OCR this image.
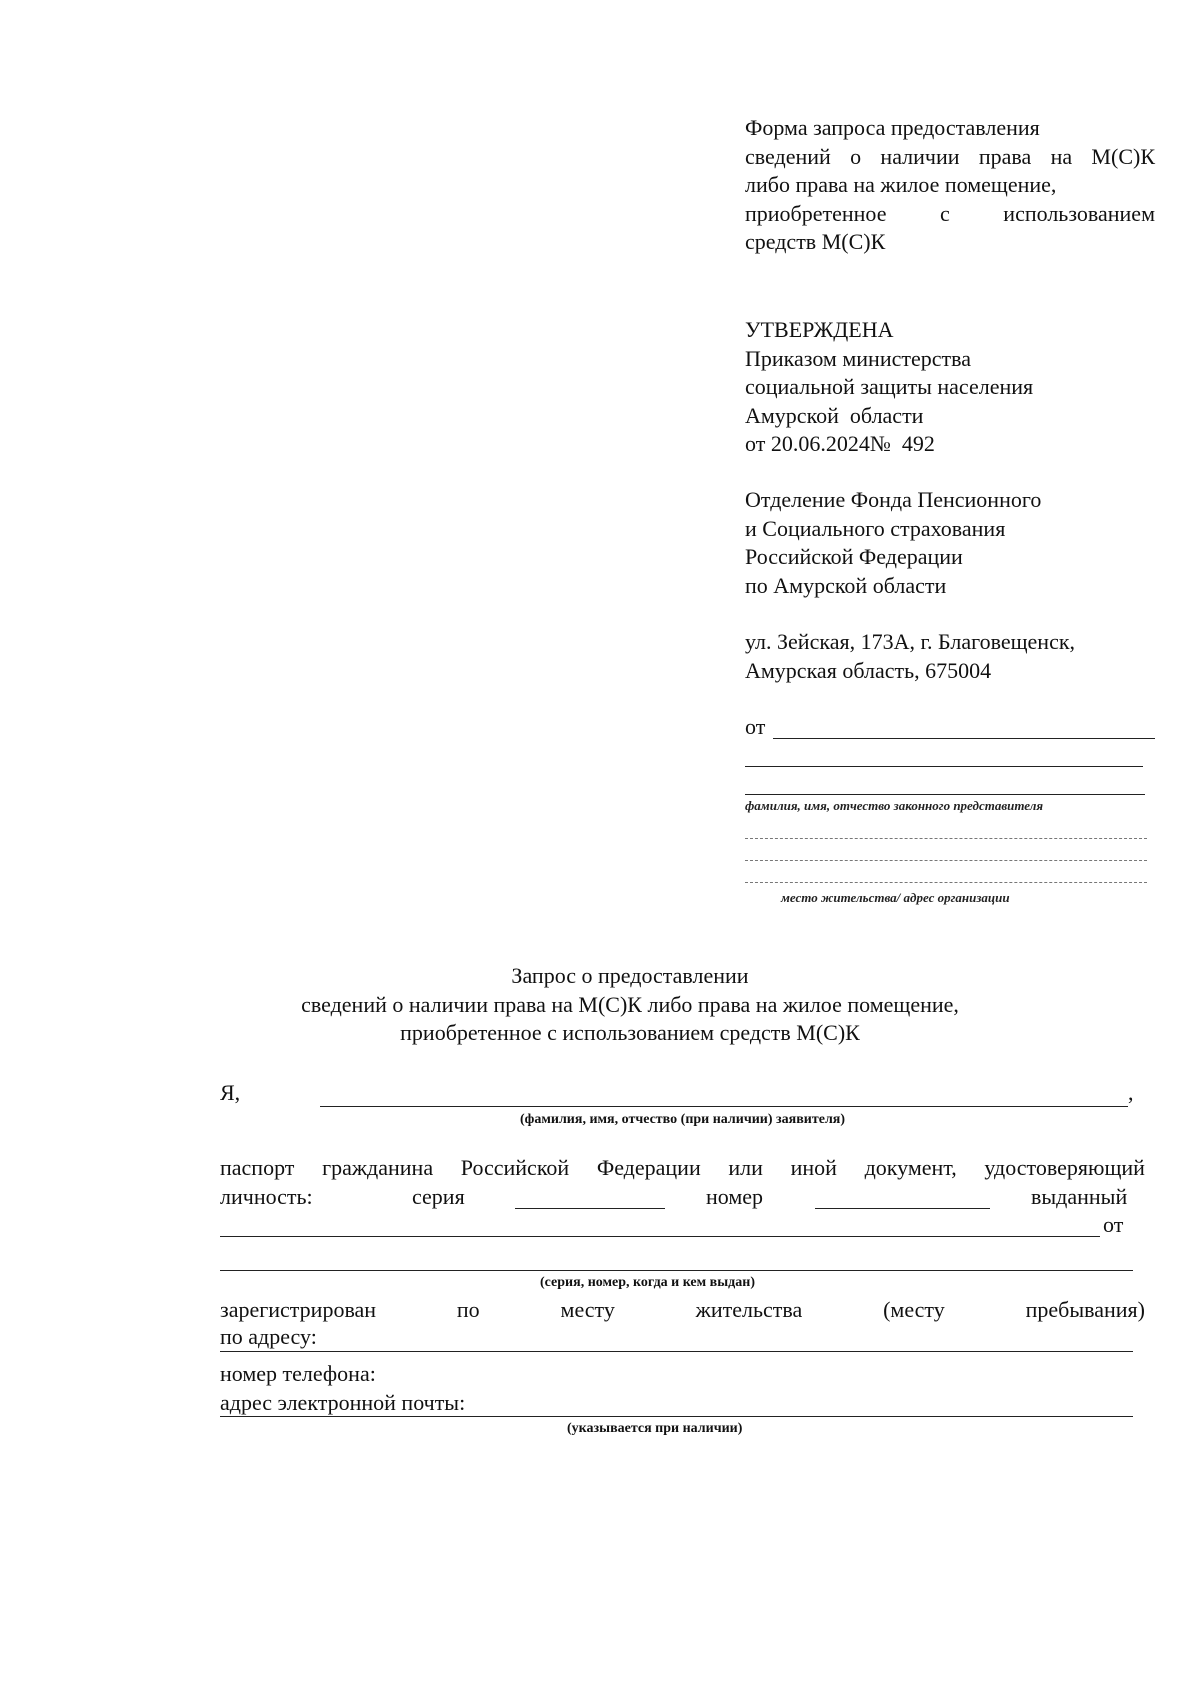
Форма запроса предоставления

сведений о наличии права на М(С)К

либо права на жилое помещение,

приобретенное с использованием

средств М(С)К

УТВЕРЖДЕНА

Приказом министерства

социальной защиты населения

Амурской  области

от 20.06.2024№  492

Отделение Фонда Пенсионного

и Социального страхования

Российской Федерации

по Амурской области

ул. Зейская, 173А, г. Благовещенск,

Амурская область, 675004

от
фамилия, имя, отчество законного представителя
место жительства/ адрес организации

Запрос о предоставлении

сведений о наличии права на М(С)К либо права на жилое помещение,

приобретенное с использованием средств М(С)К

Я,	,
(фамилия, имя, отчество (при наличии) заявителя)
паспорт гражданина Российской Федерации или иной документ, удостоверяющий
личность:	серия	номер	выданный
от
(серия, номер, когда и кем выдан)
зарегистрирован	по	месту	жительства	(месту	пребывания)
по адресу:
номер телефона:
адрес электронной почты:
(указывается при наличии)
